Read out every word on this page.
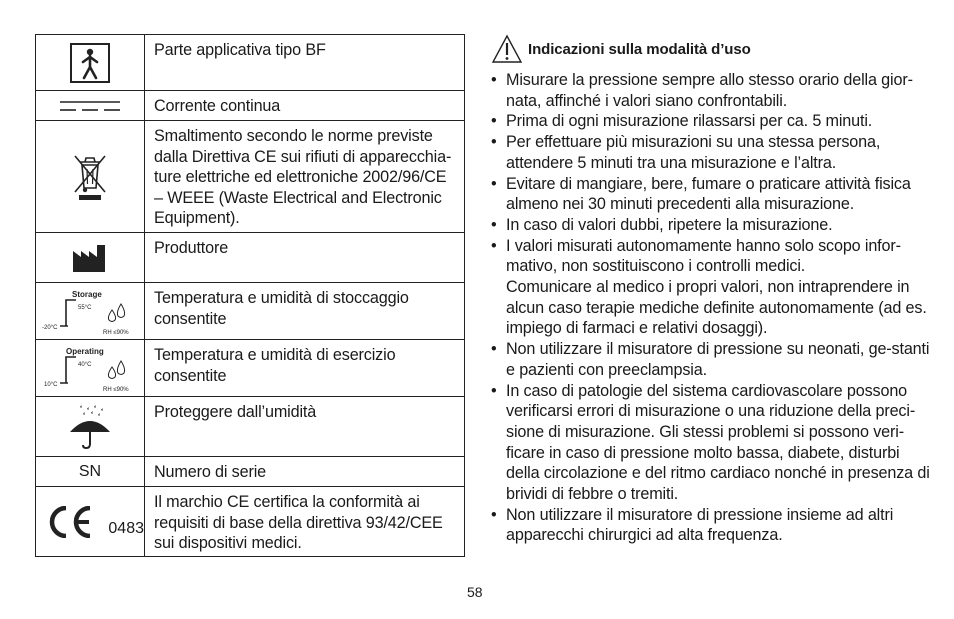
	Parte applicativa tipo BF

	Corrente continua

	Smaltimento secondo le norme previste dalla Direttiva CE sui rifiuti di apparecchia-ture elettriche ed elettroniche 2002/96/CE – WEEE (Waste Electrical and Electronic Equipment).

	Produttore

Storage
55°C
-20°C
RH ≤90%	Temperatura e umidità di stoccaggio consentite

Operating
40°C
10°C
RH ≤90%	Temperatura e umidità di esercizio consentite

	Proteggere dall’umidità
SN	Numero di serie

0483	Il marchio CE certifica la conformità ai requisiti di base della direttiva 93/42/CEE sui dispositivi medici.
Indicazioni sulla modalità d’uso
• Misurare la pressione sempre allo stesso orario della gior-nata, affinché i valori siano confrontabili.
• Prima di ogni misurazione rilassarsi per ca. 5 minuti.
• Per effettuare più misurazioni su una stessa persona, attendere 5 minuti tra una misurazione e l’altra.
• Evitare di mangiare, bere, fumare o praticare attività fisica almeno nei 30 minuti precedenti alla misurazione.
• In caso di valori dubbi, ripetere la misurazione.
• I valori misurati autonomamente hanno solo scopo infor-mativo, non sostituiscono i controlli medici.
Comunicare al medico i propri valori, non intraprendere in alcun caso terapie mediche definite autonomamente (ad es. impiego di farmaci e relativi dosaggi).
• Non utilizzare il misuratore di pressione su neonati, ge-stanti e pazienti con preeclampsia.
• In caso di patologie del sistema cardiovascolare possono verificarsi errori di misurazione o una riduzione della preci-sione di misurazione. Gli stessi problemi si possono veri-ficare in caso di pressione molto bassa, diabete, disturbi della circolazione e del ritmo cardiaco nonché in presenza di brividi di febbre o tremiti.
• Non utilizzare il misuratore di pressione insieme ad altri apparecchi chirurgici ad alta frequenza.
58
